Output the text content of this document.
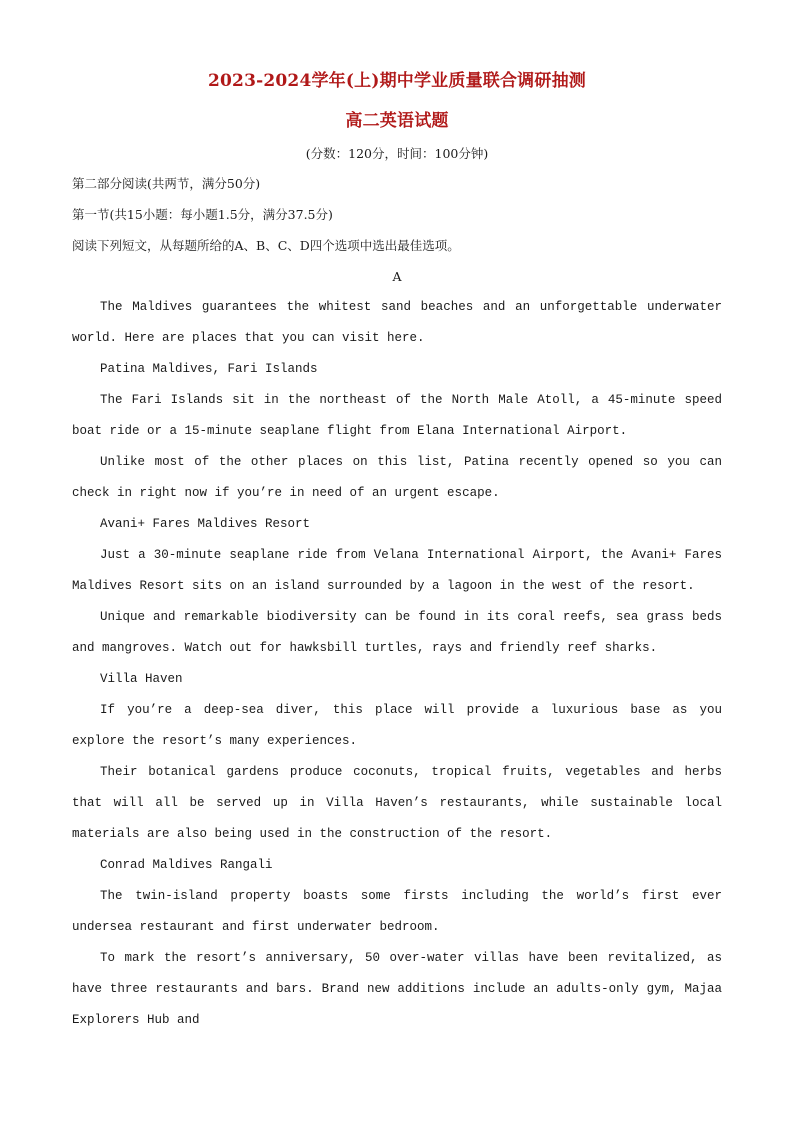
2023-2024学年(上)期中学业质量联合调研抽测
高二英语试题
(分数：120分，时间：100分钟)

第二部分阅读(共两节，满分50分)

第一节(共15小题：每小题1.5分，满分37.5分)

阅读下列短文，从每题所给的A、B、C、D四个选项中选出最佳选项。

A

The Maldives guarantees the whitest sand beaches and an unforgettable underwater world. Here are places that you can visit here.

Patina Maldives, Fari Islands

The Fari Islands sit in the northeast of the North Male Atoll, a 45-minute speed boat ride or a 15-minute seaplane flight from Elana International Airport.

Unlike most of the other places on this list, Patina recently opened so you can check in right now if you’re in need of an urgent escape.

Avani+ Fares Maldives Resort

Just a 30-minute seaplane ride from Velana International Airport, the Avani+ Fares Maldives Resort sits on an island surrounded by a lagoon in the west of the resort.

Unique and remarkable biodiversity can be found in its coral reefs, sea grass beds and mangroves. Watch out for hawksbill turtles, rays and friendly reef sharks.

Villa Haven

If you’re a deep-sea diver, this place will provide a luxurious base as you explore the resort’s many experiences.

Their botanical gardens produce coconuts, tropical fruits, vegetables and herbs that will all be served up in Villa Haven’s restaurants, while sustainable local materials are also being used in the construction of the resort.

Conrad Maldives Rangali

The twin-island property boasts some firsts including the world’s first ever undersea restaurant and first underwater bedroom.

To mark the resort’s anniversary, 50 over-water villas have been revitalized, as have three restaurants and bars. Brand new additions include an adults-only gym, Majaa Explorers Hub and
